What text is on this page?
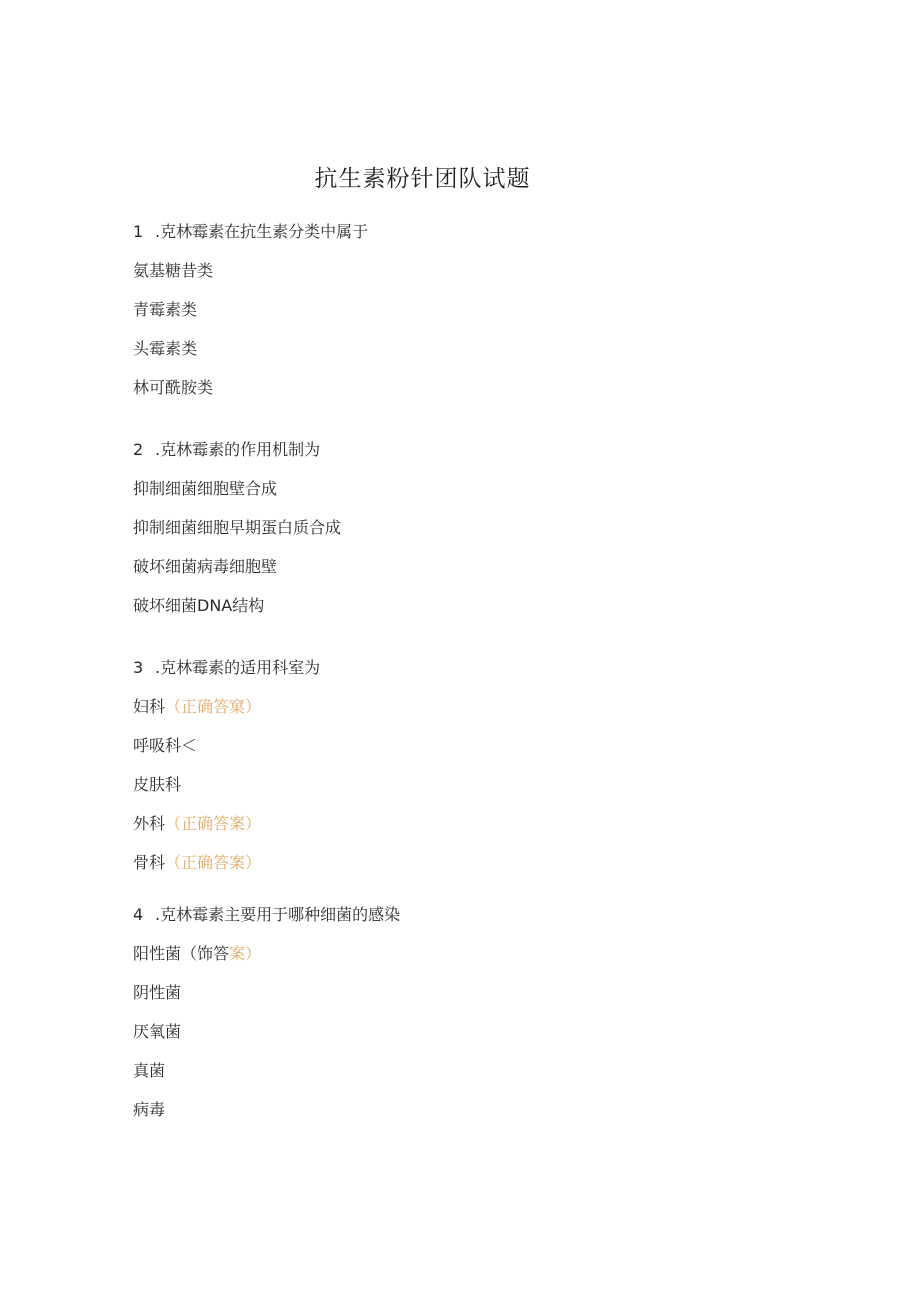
抗生素粉针团队试题
1 .克林霉素在抗生素分类中属于
氨基糖昔类
青霉素类
头霉素类
林可酰胺类
2 .克林霉素的作用机制为
抑制细菌细胞壁合成
抑制细菌细胞早期蛋白质合成
破坏细菌病毒细胞壁
破坏细菌DNA结构
3 .克林霉素的适用科室为
妇科（正确答窠）
呼吸科＜
皮肤科
外科（正确答案）
骨科（正确答案）
4 .克林霉素主要用于哪种细菌的感染
阳性菌（饰答案）
阴性菌
厌氧菌
真菌
病毒
